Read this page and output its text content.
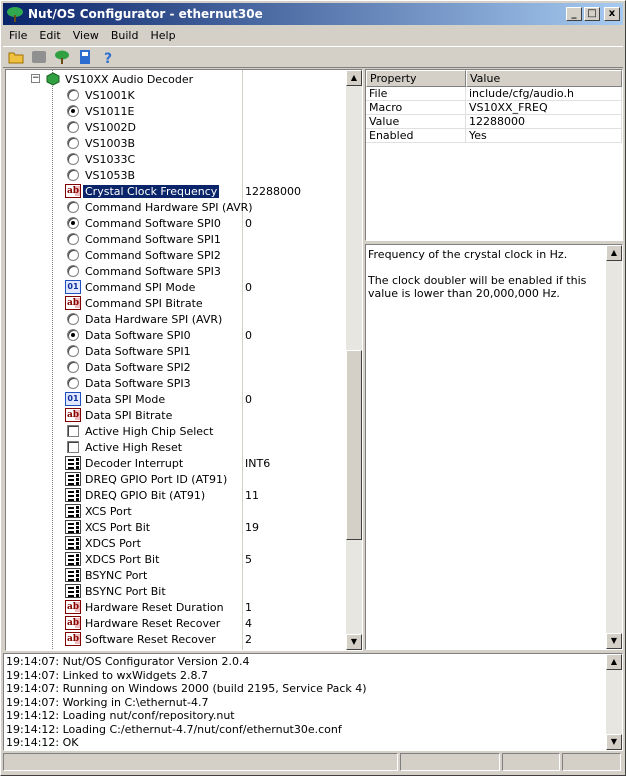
Nut/OS Configurator - ethernut30e	_	□	x
File	Edit	View	Build	Help
?
− VS10XX Audio Decoder
VS1001K
VS1011E
VS1002D
VS1003B
VS1033C
VS1053B
ab Crystal Clock Frequency	12288000
Command Hardware SPI (AVR)
Command Software SPI0 0
Command Software SPI1
Command Software SPI2
Command Software SPI3
01 Command SPI Mode	0
ab Command SPI Bitrate
Data Hardware SPI (AVR)
Data Software SPI0	0
Data Software SPI1
Data Software SPI2
Data Software SPI3
01 Data SPI Mode	0
ab Data SPI Bitrate
Active High Chip Select
Active High Reset
Decoder Interrupt	INT6
DREQ GPIO Port ID (AT91)
DREQ GPIO Bit (AT91)	11
XCS Port
XCS Port Bit	19
XDCS Port
XDCS Port Bit	5
BSYNC Port
BSYNC Port Bit
ab Hardware Reset Duration 1
ab Hardware Reset Recover 4
ab Software Reset Recover	2
▲
▼
Property	Value
File	include/cfg/audio.h
Macro	VS10XX_FREQ
Value	12288000
Enabled	Yes
Frequency of the crystal clock in Hz.

The clock doubler will be enabled if this value is lower than 20,000,000 Hz.
▲
▼
19:14:07: Nut/OS Configurator Version 2.0.4
19:14:07: Linked to wxWidgets 2.8.7
19:14:07: Running on Windows 2000 (build 2195, Service Pack 4)
19:14:07: Working in C:\ethernut-4.7
19:14:12: Loading nut/conf/repository.nut
19:14:12: Loading C:/ethernut-4.7/nut/conf/ethernut30e.conf
19:14:12: OK
▲
▼
